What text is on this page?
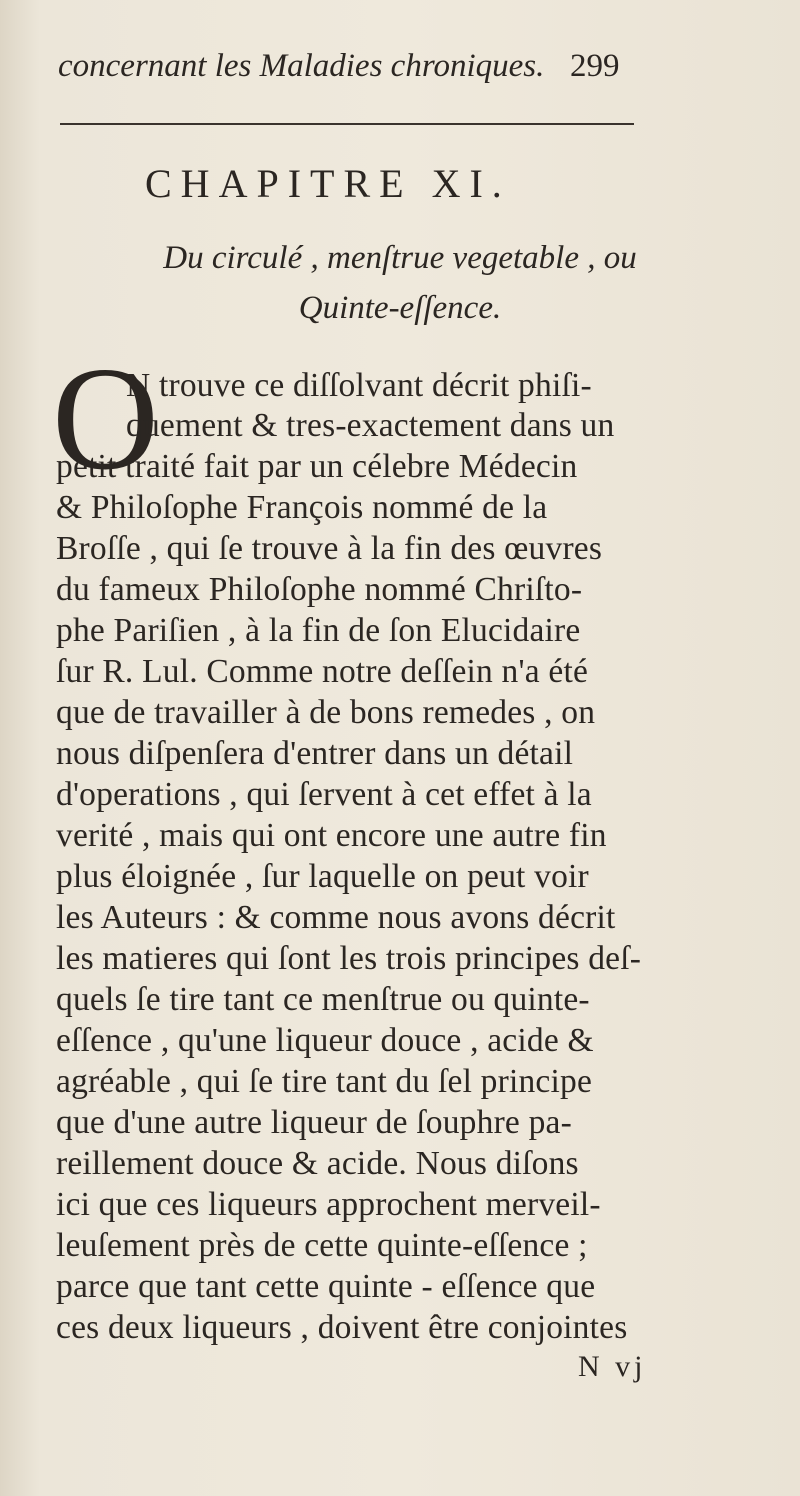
concernant les Maladies chroniques. 299
CHAPITRE XI.
Du circulé , menſtrue vegetable , ou
Quinte-eſſence.
O
N trouve ce diſſolvant décrit phiſi-
quement & tres-exactement dans un
petit traité fait par un célebre Médecin
& Philoſophe François nommé de la
Broſſe , qui ſe trouve à la fin des œuvres
du fameux Philoſophe nommé Chriſto-
phe Pariſien , à la fin de ſon Elucidaire
ſur R. Lul. Comme notre deſſein n'a été
que de travailler à de bons remedes , on
nous diſpenſera d'entrer dans un détail
d'operations , qui ſervent à cet effet à la
verité , mais qui ont encore une autre fin
plus éloignée , ſur laquelle on peut voir
les Auteurs : & comme nous avons décrit
les matieres qui ſont les trois principes deſ-
quels ſe tire tant ce menſtrue ou quinte-
eſſence , qu'une liqueur douce , acide &
agréable , qui ſe tire tant du ſel principe
que d'une autre liqueur de ſouphre pa-
reillement douce & acide. Nous diſons
ici que ces liqueurs approchent merveil-
leuſement près de cette quinte-eſſence ;
parce que tant cette quinte - eſſence que
ces deux liqueurs , doivent être conjointes
N vj
